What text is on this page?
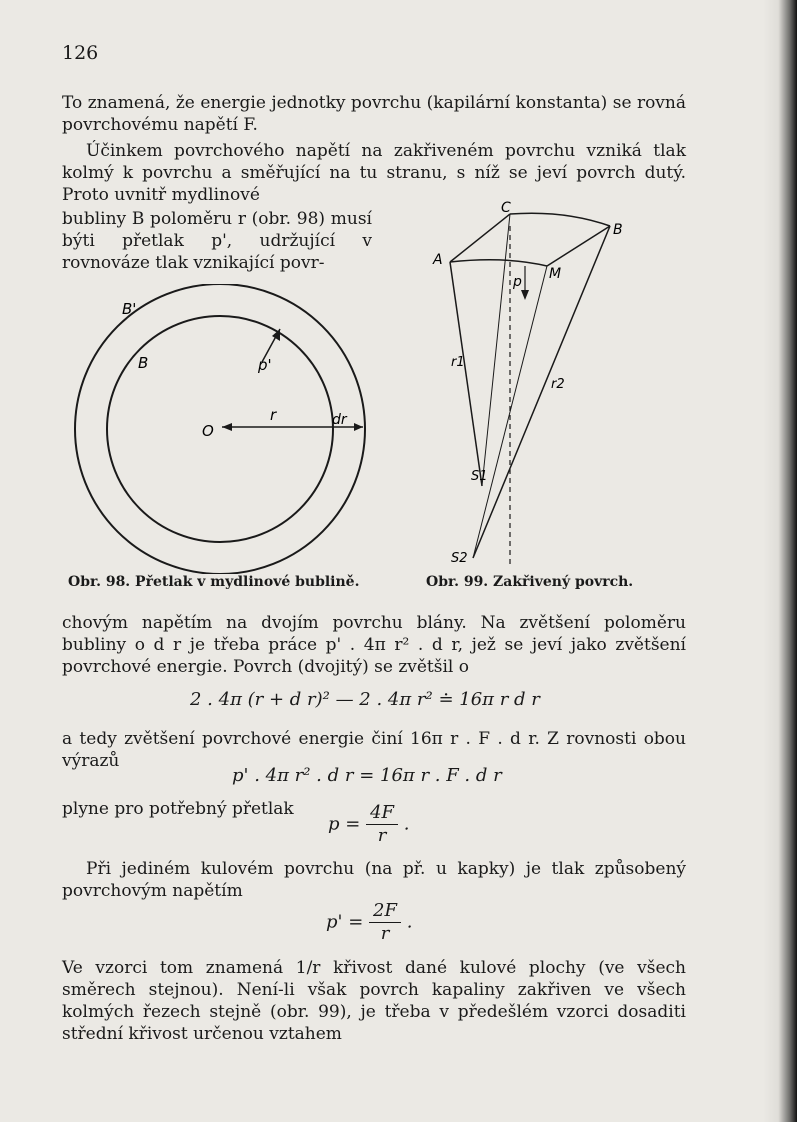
126

To znamená, že energie jednotky povrchu (kapilární konstanta) se rovná povrchovému napětí F.

Účinkem povrchového napětí na zakřiveném povrchu vzniká tlak kolmý k povrchu a směřující na tu stranu, s níž se jeví povrch dutý. Proto uvnitř mydlinové

bubliny B poloměru r (obr. 98) musí býti přetlak p', udržující v rovnováze tlak vznikající povr-

B'
B	p'
O
r	dr
Obr. 98. Přetlak v mydlinové bublině.
A
B
C
M
p
r1
r2
S1
S2
Obr. 99. Zakřivený povrch.

chovým napětím na dvojím povrchu blány. Na zvětšení poloměru bubliny o d r je třeba práce p' . 4π r² . d r, jež se jeví jako zvětšení povrchové energie. Povrch (dvojitý) se zvětšil o

2 . 4π (r + d r)² — 2 . 4π r² ≐ 16π r d r

a tedy zvětšení povrchové energie činí 16π r . F . d r. Z rovnosti obou výrazů

p' . 4π r² . d r = 16π r . F . d r

plyne pro potřebný přetlak

$p = \frac{4F}{r}$ .

Při jediném kulovém povrchu (na př. u kapky) je tlak způsobený povrchovým napětím

$p' = \frac{2F}{r}$ .

Ve vzorci tom znamená 1/r křivost dané kulové plochy (ve všech směrech stejnou). Není-li však povrch kapaliny zakřiven ve všech kolmých řezech stejně (obr. 99), je třeba v předešlém vzorci dosaditi střední křivost určenou vztahem
